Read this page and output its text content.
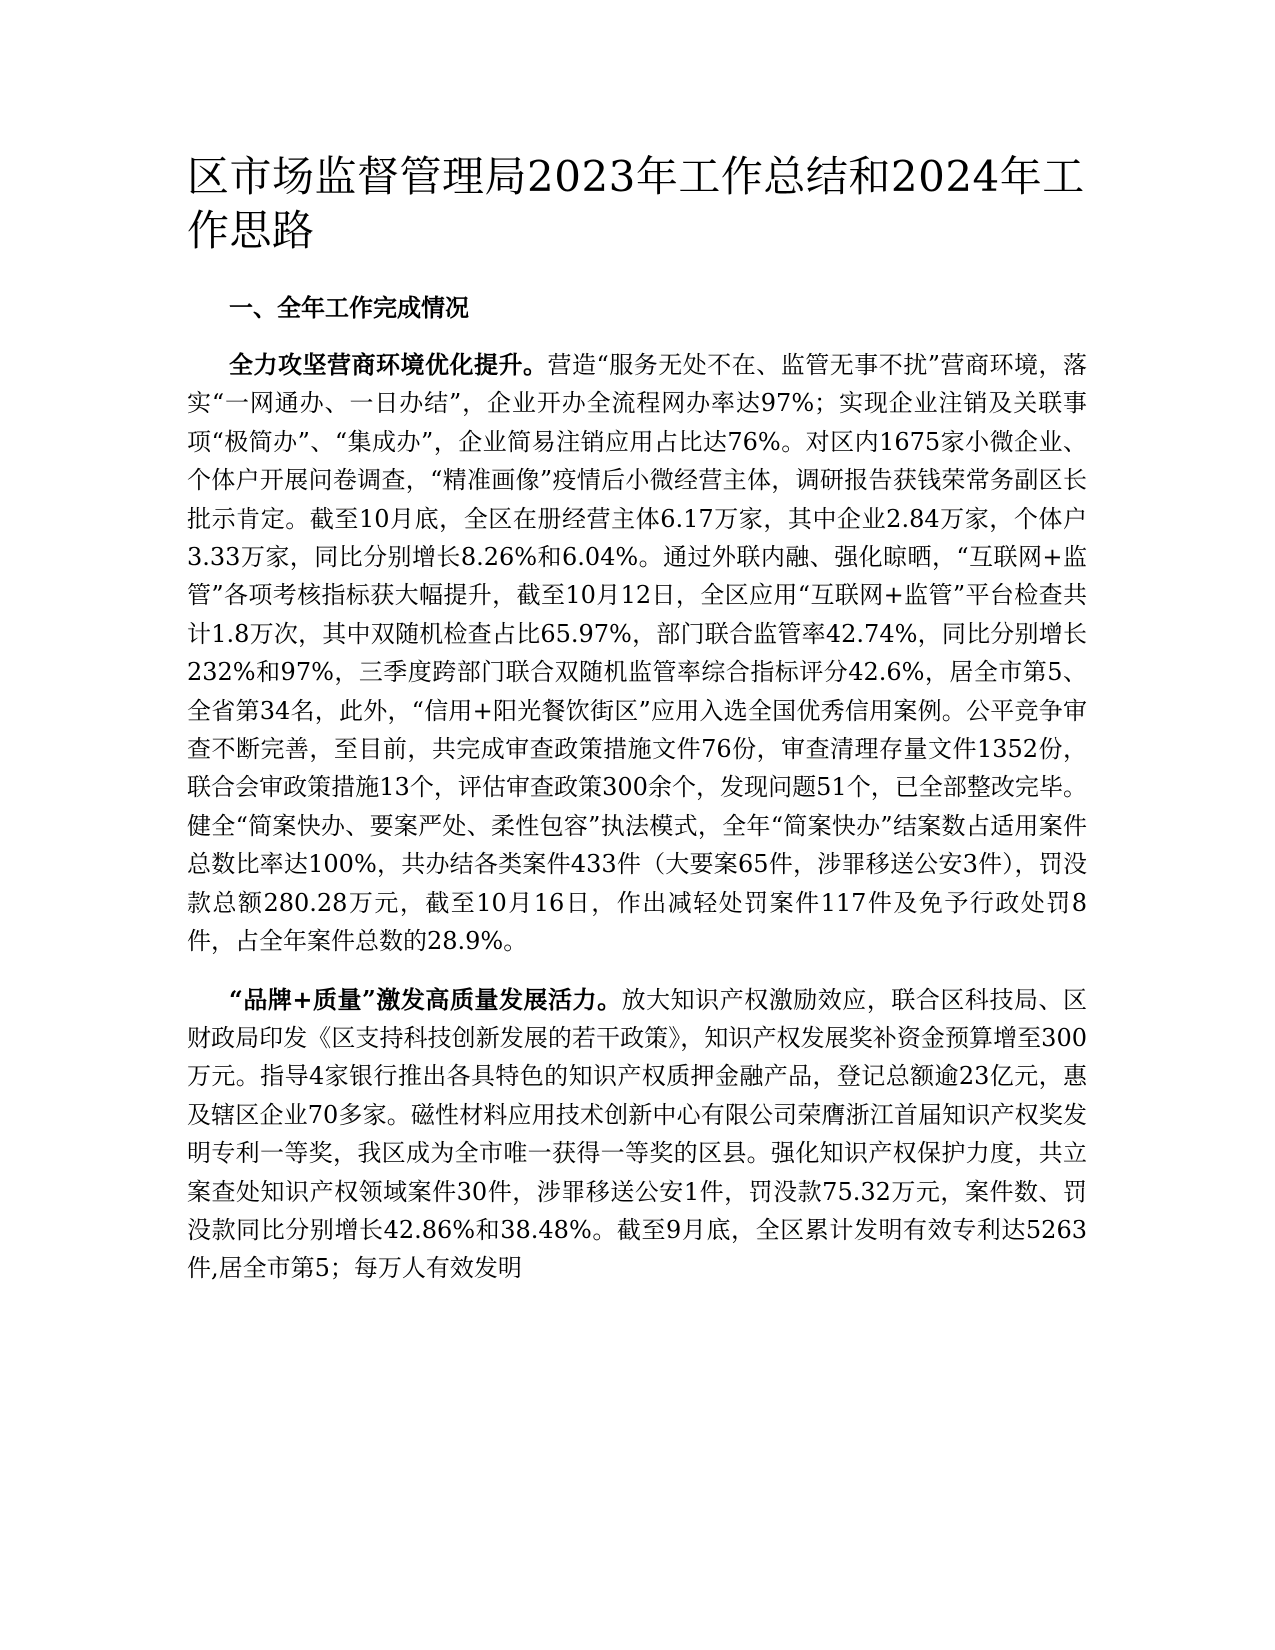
区市场监督管理局2023年工作总结和2024年工作思路
一、全年工作完成情况

全力攻坚营商环境优化提升。营造“服务无处不在、监管无事不扰”营商环境，落实“一网通办、一日办结”，企业开办全流程网办率达97%；实现企业注销及关联事项“极简办”、“集成办”，企业简易注销应用占比达76%。对区内1675家小微企业、个体户开展问卷调查，“精准画像”疫情后小微经营主体，调研报告获钱荣常务副区长批示肯定。截至10月底，全区在册经营主体6.17万家，其中企业2.84万家，个体户3.33万家，同比分别增长8.26%和6.04%。通过外联内融、强化晾晒，“互联网+监管”各项考核指标获大幅提升，截至10月12日，全区应用“互联网+监管”平台检查共计1.8万次，其中双随机检查占比65.97%，部门联合监管率42.74%，同比分别增长232%和97%，三季度跨部门联合双随机监管率综合指标评分42.6%，居全市第5、全省第34名，此外，“信用+阳光餐饮街区”应用入选全国优秀信用案例。公平竞争审查不断完善，至目前，共完成审查政策措施文件76份，审查清理存量文件1352份，联合会审政策措施13个，评估审查政策300余个，发现问题51个，已全部整改完毕。健全“简案快办、要案严处、柔性包容”执法模式，全年“简案快办”结案数占适用案件总数比率达100%，共办结各类案件433件（大要案65件，涉罪移送公安3件），罚没款总额280.28万元，截至10月16日，作出减轻处罚案件117件及免予行政处罚8件，占全年案件总数的28.9%。

“品牌+质量”激发高质量发展活力。放大知识产权激励效应，联合区科技局、区财政局印发《区支持科技创新发展的若干政策》，知识产权发展奖补资金预算增至300万元。指导4家银行推出各具特色的知识产权质押金融产品，登记总额逾23亿元，惠及辖区企业70多家。磁性材料应用技术创新中心有限公司荣膺浙江首届知识产权奖发明专利一等奖，我区成为全市唯一获得一等奖的区县。强化知识产权保护力度，共立案查处知识产权领域案件30件，涉罪移送公安1件，罚没款75.32万元，案件数、罚没款同比分别增长42.86%和38.48%。截至9月底，全区累计发明有效专利达5263件,居全市第5；每万人有效发明
